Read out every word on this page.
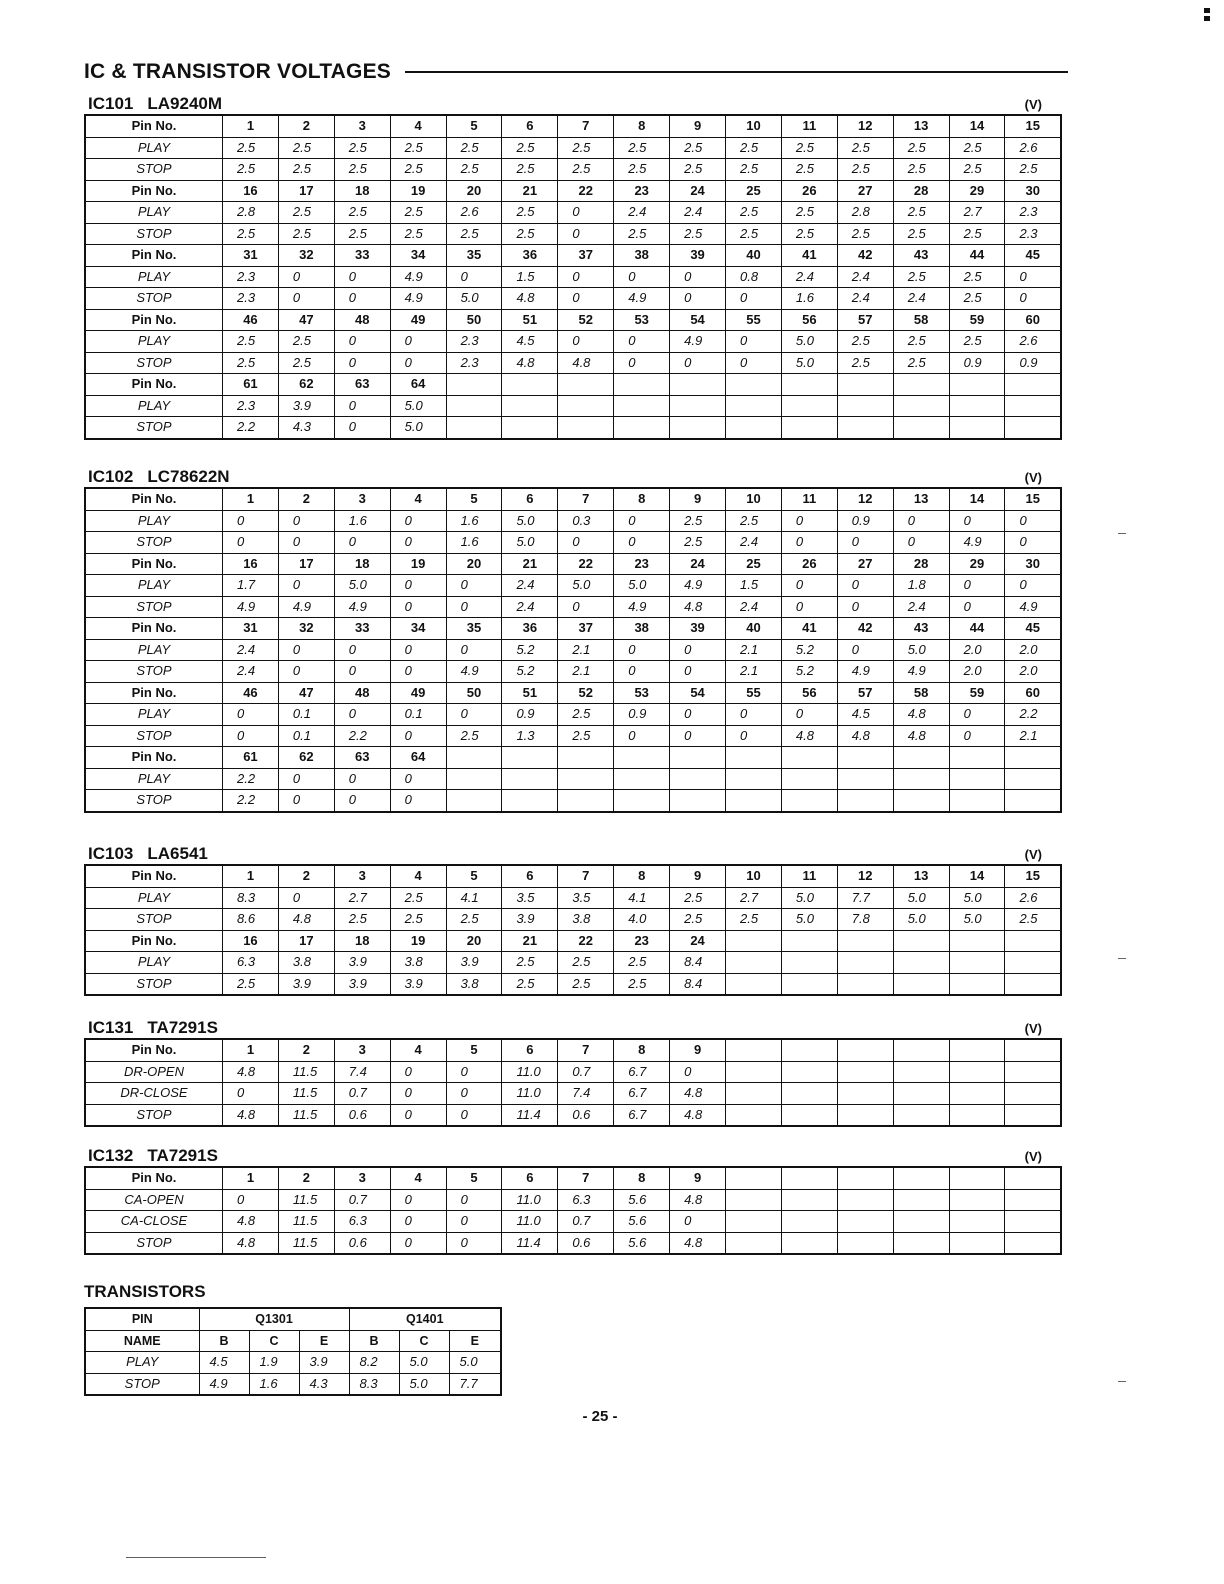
IC & TRANSISTOR VOLTAGES
IC101 LA9240M	(V)
Pin No.	1	2	3	4	5	6	7	8	9	10	11	12	13	14	15
PLAY	2.5	2.5	2.5	2.5	2.5	2.5	2.5	2.5	2.5	2.5	2.5	2.5	2.5	2.5	2.6
STOP	2.5	2.5	2.5	2.5	2.5	2.5	2.5	2.5	2.5	2.5	2.5	2.5	2.5	2.5	2.5
Pin No.	16	17	18	19	20	21	22	23	24	25	26	27	28	29	30
PLAY	2.8	2.5	2.5	2.5	2.6	2.5	0	2.4	2.4	2.5	2.5	2.8	2.5	2.7	2.3
STOP	2.5	2.5	2.5	2.5	2.5	2.5	0	2.5	2.5	2.5	2.5	2.5	2.5	2.5	2.3
Pin No.	31	32	33	34	35	36	37	38	39	40	41	42	43	44	45
PLAY	2.3	0	0	4.9	0	1.5	0	0	0	0.8	2.4	2.4	2.5	2.5	0
STOP	2.3	0	0	4.9	5.0	4.8	0	4.9	0	0	1.6	2.4	2.4	2.5	0
Pin No.	46	47	48	49	50	51	52	53	54	55	56	57	58	59	60
PLAY	2.5	2.5	0	0	2.3	4.5	0	0	4.9	0	5.0	2.5	2.5	2.5	2.6
STOP	2.5	2.5	0	0	2.3	4.8	4.8	0	0	0	5.0	2.5	2.5	0.9	0.9
Pin No.	61	62	63	64											
PLAY	2.3	3.9	0	5.0											
STOP	2.2	4.3	0	5.0											
IC102 LC78622N	(V)
Pin No.	1	2	3	4	5	6	7	8	9	10	11	12	13	14	15
PLAY	0	0	1.6	0	1.6	5.0	0.3	0	2.5	2.5	0	0.9	0	0	0
STOP	0	0	0	0	1.6	5.0	0	0	2.5	2.4	0	0	0	4.9	0
Pin No.	16	17	18	19	20	21	22	23	24	25	26	27	28	29	30
PLAY	1.7	0	5.0	0	0	2.4	5.0	5.0	4.9	1.5	0	0	1.8	0	0
STOP	4.9	4.9	4.9	0	0	2.4	0	4.9	4.8	2.4	0	0	2.4	0	4.9
Pin No.	31	32	33	34	35	36	37	38	39	40	41	42	43	44	45
PLAY	2.4	0	0	0	0	5.2	2.1	0	0	2.1	5.2	0	5.0	2.0	2.0
STOP	2.4	0	0	0	4.9	5.2	2.1	0	0	2.1	5.2	4.9	4.9	2.0	2.0
Pin No.	46	47	48	49	50	51	52	53	54	55	56	57	58	59	60
PLAY	0	0.1	0	0.1	0	0.9	2.5	0.9	0	0	0	4.5	4.8	0	2.2
STOP	0	0.1	2.2	0	2.5	1.3	2.5	0	0	0	4.8	4.8	4.8	0	2.1
Pin No.	61	62	63	64											
PLAY	2.2	0	0	0											
STOP	2.2	0	0	0											
IC103 LA6541	(V)
Pin No.	1	2	3	4	5	6	7	8	9	10	11	12	13	14	15
PLAY	8.3	0	2.7	2.5	4.1	3.5	3.5	4.1	2.5	2.7	5.0	7.7	5.0	5.0	2.6
STOP	8.6	4.8	2.5	2.5	2.5	3.9	3.8	4.0	2.5	2.5	5.0	7.8	5.0	5.0	2.5
Pin No.	16	17	18	19	20	21	22	23	24						
PLAY	6.3	3.8	3.9	3.8	3.9	2.5	2.5	2.5	8.4						
STOP	2.5	3.9	3.9	3.9	3.8	2.5	2.5	2.5	8.4						
IC131 TA7291S	(V)
Pin No.	1	2	3	4	5	6	7	8	9						
DR-OPEN	4.8	11.5	7.4	0	0	11.0	0.7	6.7	0						
DR-CLOSE	0	11.5	0.7	0	0	11.0	7.4	6.7	4.8						
STOP	4.8	11.5	0.6	0	0	11.4	0.6	6.7	4.8						
IC132 TA7291S	(V)
Pin No.	1	2	3	4	5	6	7	8	9						
CA-OPEN	0	11.5	0.7	0	0	11.0	6.3	5.6	4.8						
CA-CLOSE	4.8	11.5	6.3	0	0	11.0	0.7	5.6	0						
STOP	4.8	11.5	0.6	0	0	11.4	0.6	5.6	4.8						
TRANSISTORS
PIN	Q1301			Q1401		
NAME	B	C	E	B	C	E
PLAY	4.5	1.9	3.9	8.2	5.0	5.0
STOP	4.9	1.6	4.3	8.3	5.0	7.7
- 25 -
